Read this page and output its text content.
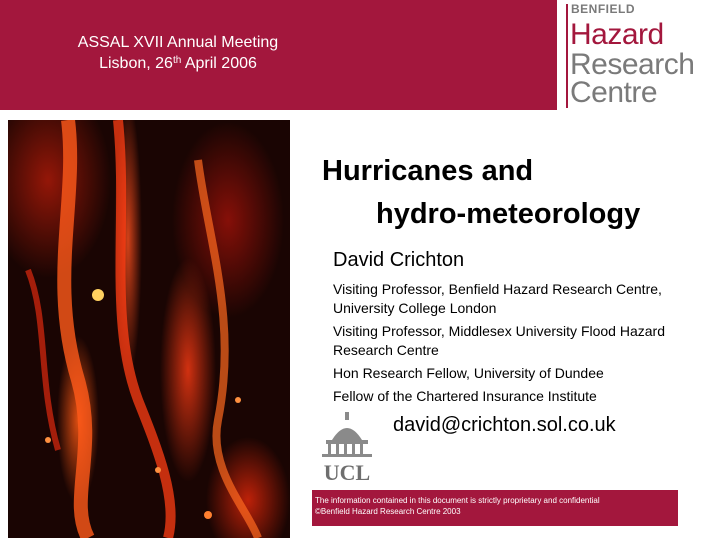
ASSAL XVII Annual Meeting
Lisbon, 26th April 2006
BENFIELD
Hazard
Research
Centre
Hurricanes and
hydro-meteorology
David Crichton
Visiting Professor, Benfield Hazard Research Centre, University College London
Visiting Professor, Middlesex University Flood Hazard Research Centre
Hon Research Fellow, University of Dundee
Fellow of the Chartered Insurance Institute
UCL
david@crichton.sol.co.uk
The information contained in this document is strictly proprietary and confidential
©Benfield Hazard Research Centre 2003
